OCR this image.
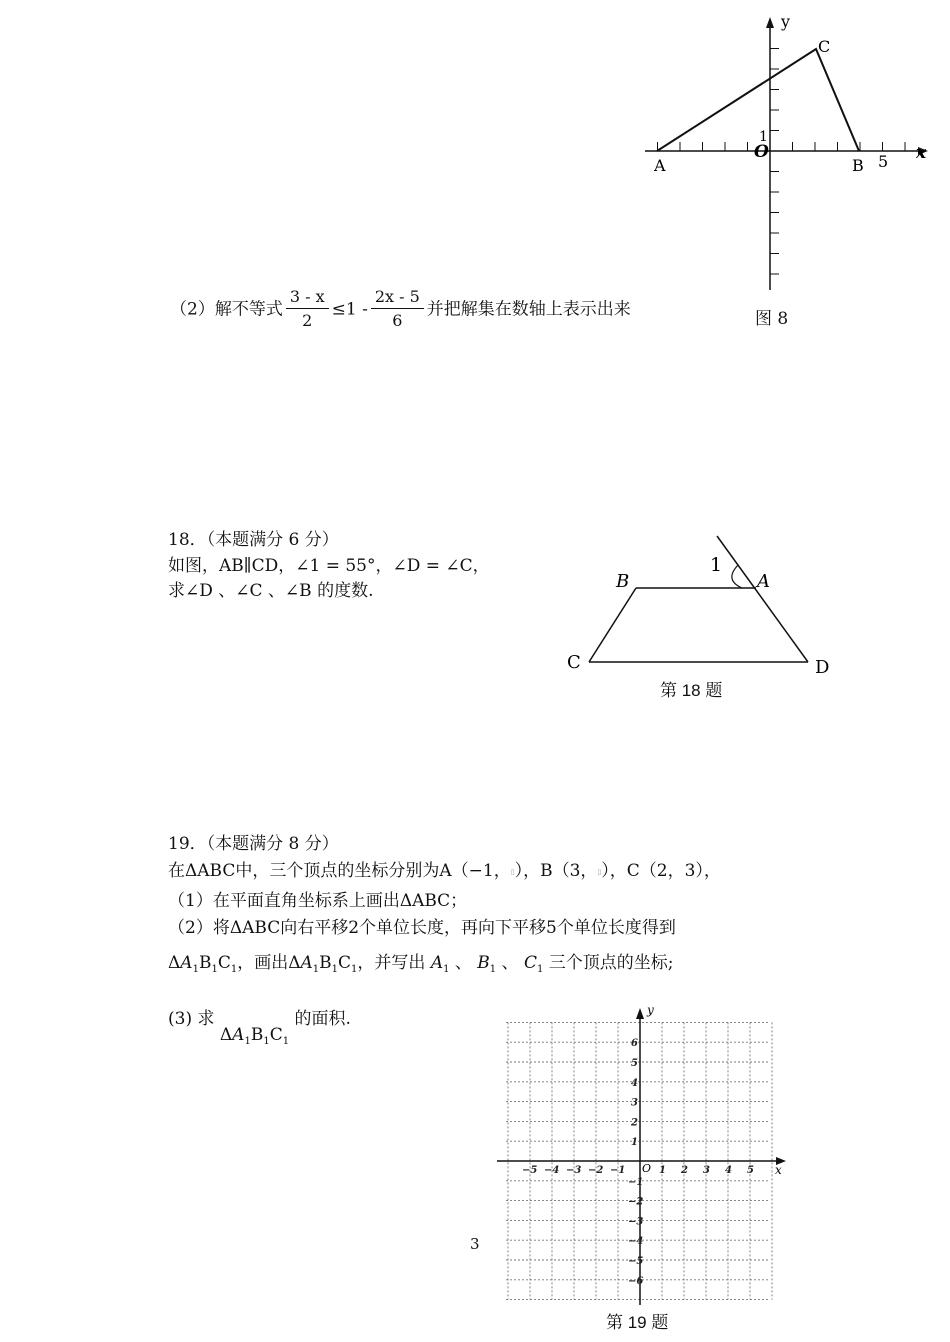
A	B
C
5
1
O
y
x
图 8
（2）解不等式 $\frac{3 - x}{2} \le 1 - \frac{2x - 5}{6}$ 并把解集在数轴上表示出来
18．（本题满分 6 分）
如图，AB∥CD，∠1 = 55°，∠D = ∠C，
求∠D 、∠C 、∠B 的度数.
1
A
B
C	D
第 18 题
19．（本题满分 8 分）
在ΔABC中，三个顶点的坐标分别为A（−1，▯），B（3，▯），C（2，3），
（1）在平面直角坐标系上画出ΔABC；
（2）将ΔABC向右平移2个单位长度，再向下平移5个单位长度得到
$\Delta A_1B_1C_1$，画出$\Delta A_1B_1C_1$，并写出 $A_1$ 、 $B_1$ 、 $C_1$ 三个顶点的坐标;
(3) 求 $\Delta A_1B_1C_1$ 的面积.
−5 −4 −3 −2 −1	1 2 3 4 5
−6
−5
−4
−3
−2
−1
1
2
3
4
5
6
O
y
x
3
第 19 题
